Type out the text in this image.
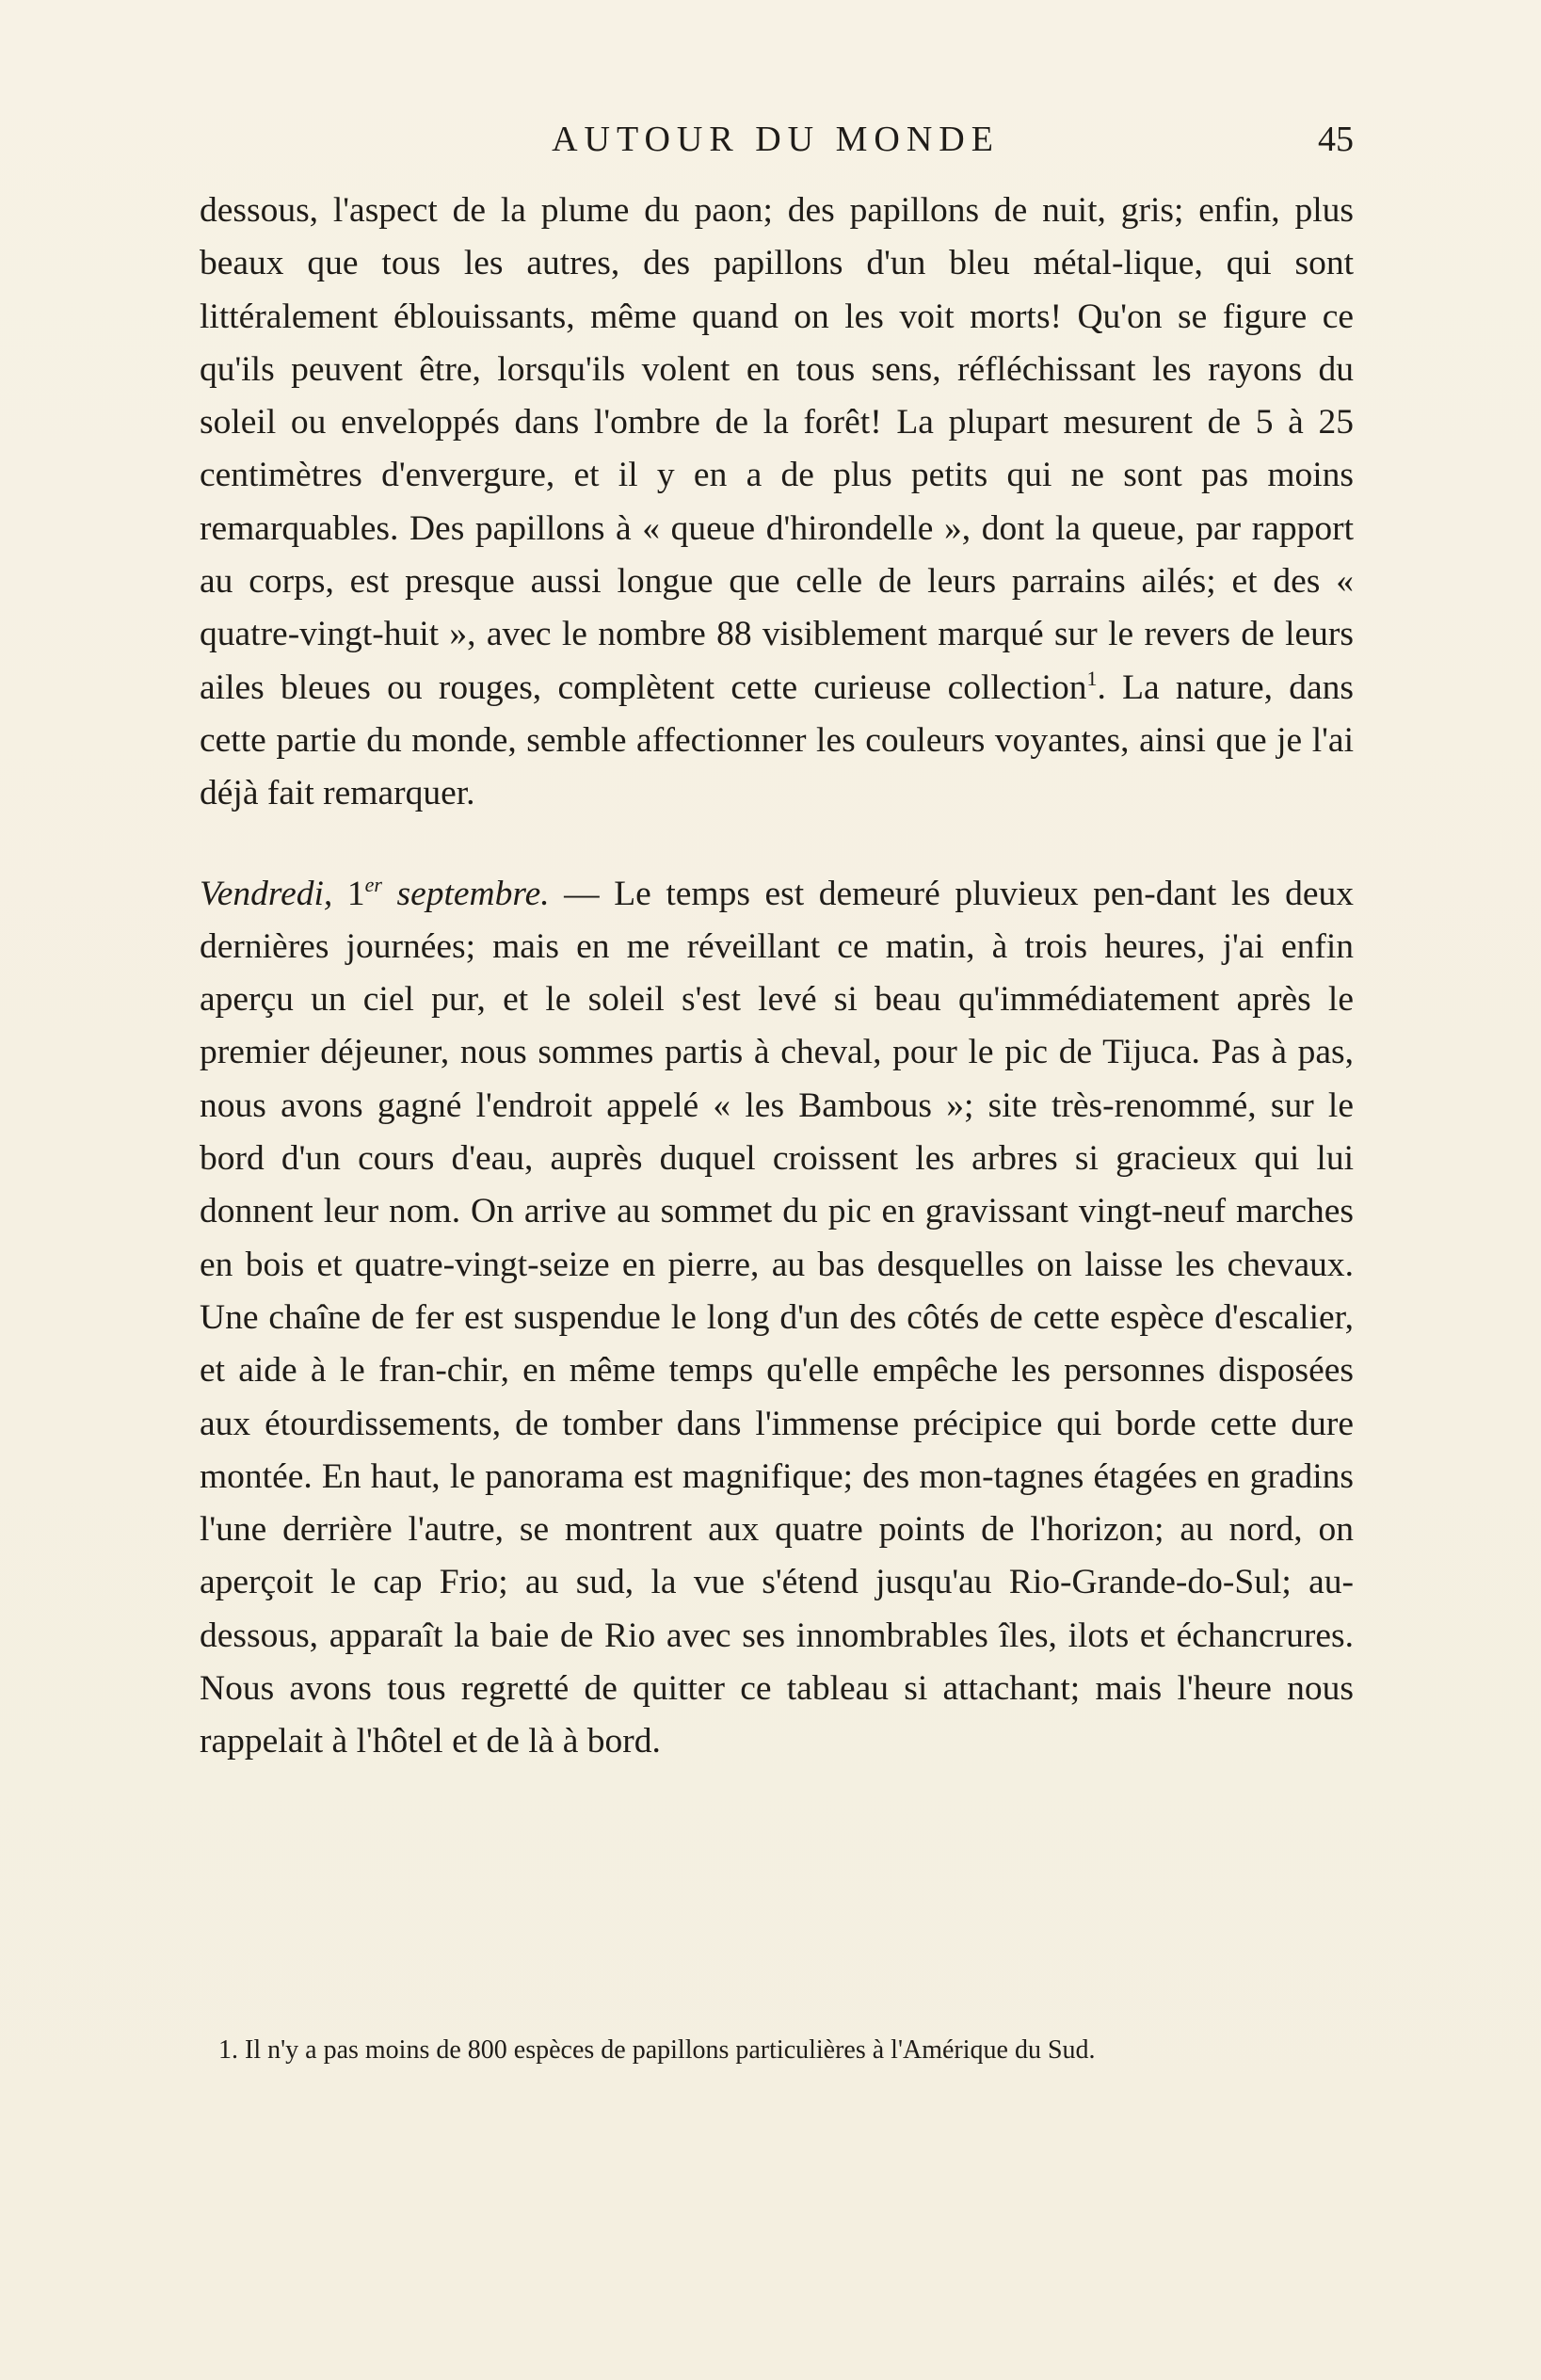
AUTOUR DU MONDE	45

dessous, l'aspect de la plume du paon; des papillons de nuit, gris; enfin, plus beaux que tous les autres, des papillons d'un bleu métal-lique, qui sont littéralement éblouissants, même quand on les voit morts! Qu'on se figure ce qu'ils peuvent être, lorsqu'ils volent en tous sens, réfléchissant les rayons du soleil ou enveloppés dans l'ombre de la forêt! La plupart mesurent de 5 à 25 centimètres d'envergure, et il y en a de plus petits qui ne sont pas moins remarquables. Des papillons à « queue d'hirondelle », dont la queue, par rapport au corps, est presque aussi longue que celle de leurs parrains ailés; et des « quatre-vingt-huit », avec le nombre 88 visiblement marqué sur le revers de leurs ailes bleues ou rouges, complètent cette curieuse collection$^1$. La nature, dans cette partie du monde, semble affectionner les couleurs voyantes, ainsi que je l'ai déjà fait remarquer.

Vendredi, 1er septembre. — Le temps est demeuré pluvieux pen-dant les deux dernières journées; mais en me réveillant ce matin, à trois heures, j'ai enfin aperçu un ciel pur, et le soleil s'est levé si beau qu'immédiatement après le premier déjeuner, nous sommes partis à cheval, pour le pic de Tijuca. Pas à pas, nous avons gagné l'endroit appelé « les Bambous »; site très-renommé, sur le bord d'un cours d'eau, auprès duquel croissent les arbres si gracieux qui lui donnent leur nom. On arrive au sommet du pic en gravissant vingt-neuf marches en bois et quatre-vingt-seize en pierre, au bas desquelles on laisse les chevaux. Une chaîne de fer est suspendue le long d'un des côtés de cette espèce d'escalier, et aide à le fran-chir, en même temps qu'elle empêche les personnes disposées aux étourdissements, de tomber dans l'immense précipice qui borde cette dure montée. En haut, le panorama est magnifique; des mon-tagnes étagées en gradins l'une derrière l'autre, se montrent aux quatre points de l'horizon; au nord, on aperçoit le cap Frio; au sud, la vue s'étend jusqu'au Rio-Grande-do-Sul; au-dessous, apparaît la baie de Rio avec ses innombrables îles, ilots et échancrures. Nous avons tous regretté de quitter ce tableau si attachant; mais l'heure nous rappelait à l'hôtel et de là à bord.

1. Il n'y a pas moins de 800 espèces de papillons particulières à l'Amérique du Sud.
